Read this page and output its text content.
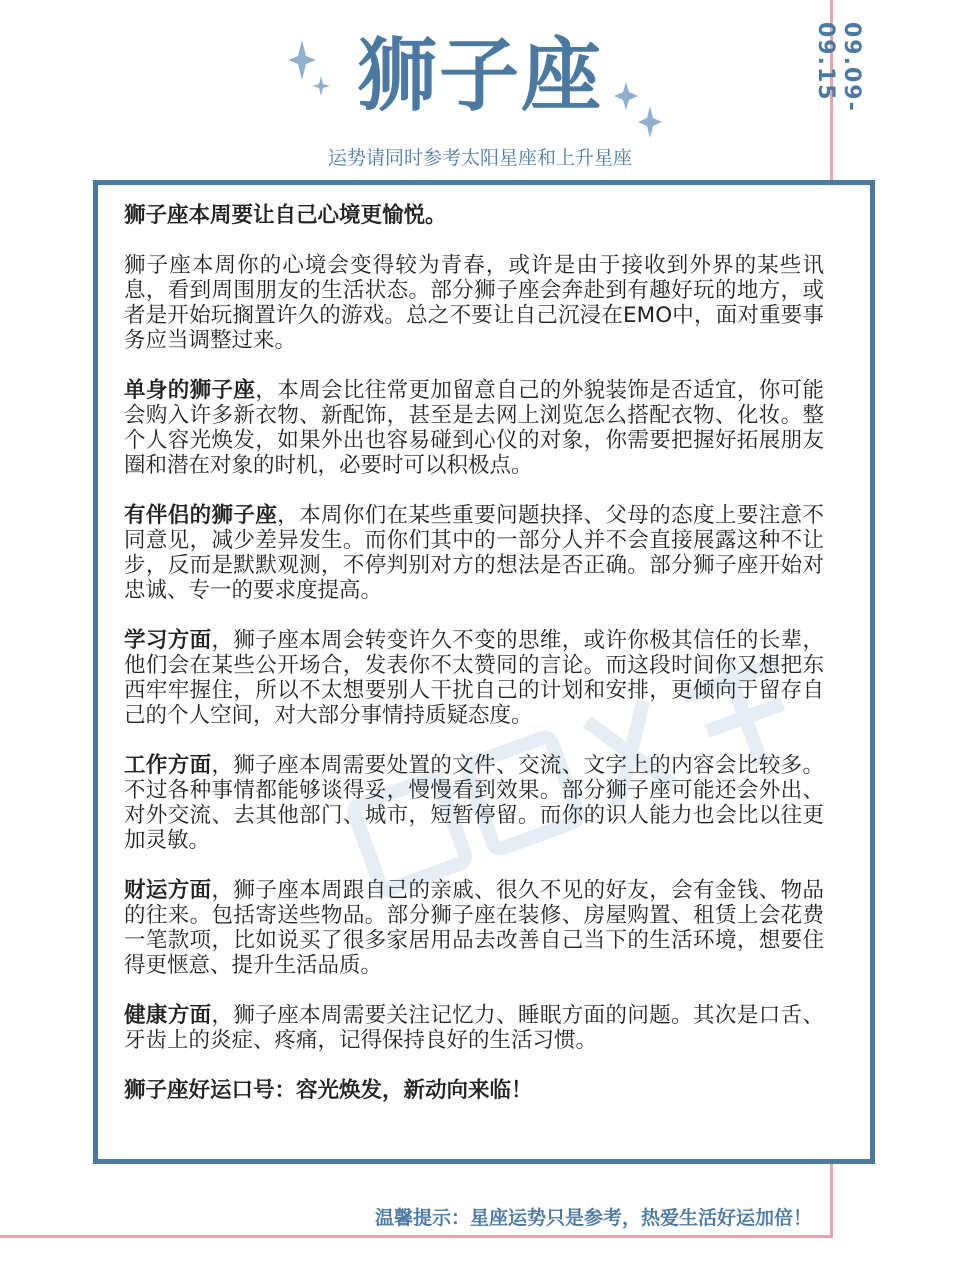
狮子座
运势请同时参考太阳星座和上升星座
09.09-09.15

狮子座本周要让自己心境更愉悦。

狮子座本周你的心境会变得较为青春，或许是由于接收到外界的某些讯息，看到周围朋友的生活状态。部分狮子座会奔赴到有趣好玩的地方，或者是开始玩搁置许久的游戏。总之不要让自己沉浸在EMO中，面对重要事务应当调整过来。

单身的狮子座，本周会比往常更加留意自己的外貌装饰是否适宜，你可能会购入许多新衣物、新配饰，甚至是去网上浏览怎么搭配衣物、化妆。整个人容光焕发，如果外出也容易碰到心仪的对象，你需要把握好拓展朋友圈和潜在对象的时机，必要时可以积极点。

有伴侣的狮子座，本周你们在某些重要问题抉择、父母的态度上要注意不同意见，减少差异发生。而你们其中的一部分人并不会直接展露这种不让步，反而是默默观测，不停判别对方的想法是否正确。部分狮子座开始对忠诚、专一的要求度提高。

学习方面，狮子座本周会转变许久不变的思维，或许你极其信任的长辈，他们会在某些公开场合，发表你不太赞同的言论。而这段时间你又想把东西牢牢握住，所以不太想要别人干扰自己的计划和安排，更倾向于留存自己的个人空间，对大部分事情持质疑态度。

工作方面，狮子座本周需要处置的文件、交流、文字上的内容会比较多。不过各种事情都能够谈得妥，慢慢看到效果。部分狮子座可能还会外出、对外交流、去其他部门、城市，短暂停留。而你的识人能力也会比以往更加灵敏。

财运方面，狮子座本周跟自己的亲戚、很久不见的好友，会有金钱、物品的往来。包括寄送些物品。部分狮子座在装修、房屋购置、租赁上会花费一笔款项，比如说买了很多家居用品去改善自己当下的生活环境，想要住得更惬意、提升生活品质。

健康方面，狮子座本周需要关注记忆力、睡眠方面的问题。其次是口舌、牙齿上的炎症、疼痛，记得保持良好的生活习惯。

狮子座好运口号：容光焕发，新动向来临！

温馨提示：星座运势只是参考，热爱生活好运加倍！
